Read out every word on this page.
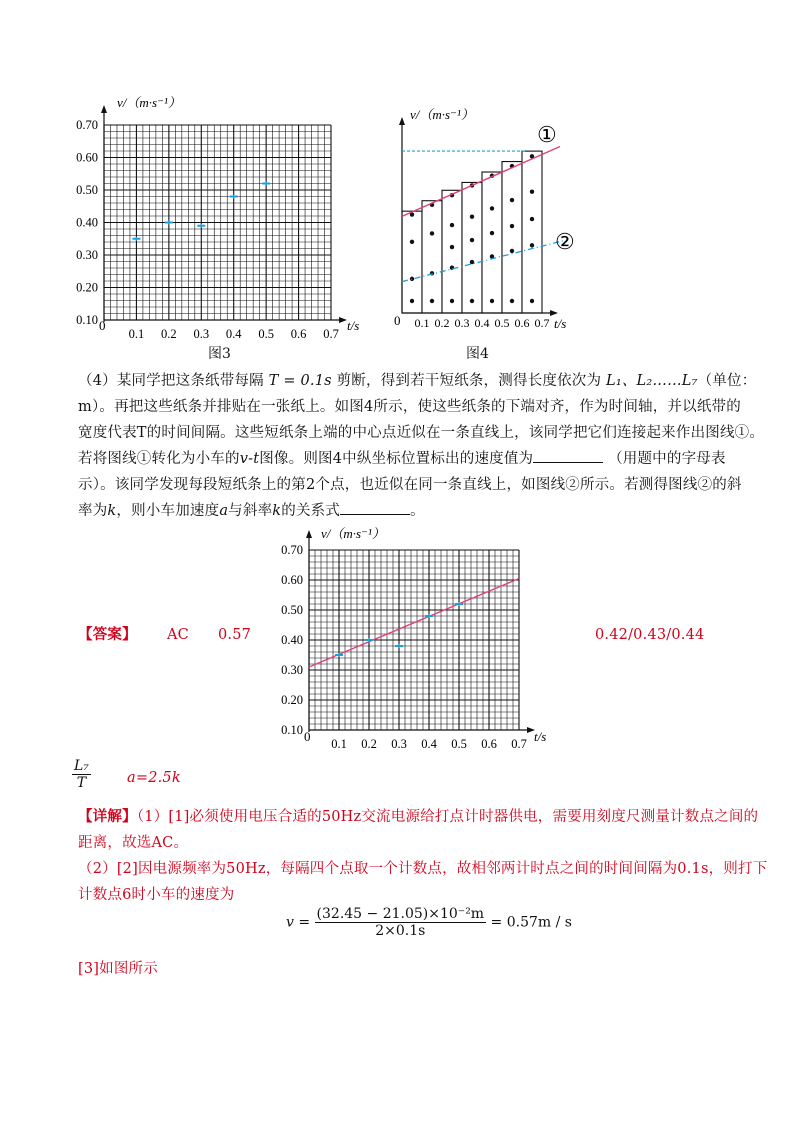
0.70
0.60
0.50
0.40
0.30
0.20
0.10
0.1 0.2 0.3 0.4 0.5 0.6 0.7
v/（m·s⁻¹）
t/s
0
图3
0.1 0.2 0.3 0.4 0.5 0.6 0.7
v/（m·s⁻¹）
t/s
0
①
②
图4
（4）某同学把这条纸带每隔 T = 0.1s 剪断，得到若干短纸条，测得长度依次为 L₁、L₂……L₇（单位：
m）。再把这些纸条并排贴在一张纸上。如图4所示，使这些纸条的下端对齐，作为时间轴，并以纸带的
宽度代表T的时间间隔。这些短纸条上端的中心点近似在一条直线上，该同学把它们连接起来作出图线①。
若将图线①转化为小车的v-t图像。则图4中纵坐标位置标出的速度值为	（用题中的字母表
示）。该同学发现每段短纸条上的第2个点，也近似在同一条直线上，如图线②所示。若测得图线②的斜
率为k，则小车加速度a与斜率k的关系式	。
【答案】 AC 0.57	0.42/0.43/0.44
0.70
0.60
0.50
0.40
0.30
0.20
0.10
0.1 0.2 0.3 0.4 0.5 0.6 0.7
v/（m·s⁻¹）
t/s
0
$\frac{\text{L₇}}{T} a=2.5k$
【详解】（1）[1]必须使用电压合适的50Hz交流电源给打点计时器供电，需要用刻度尺测量计数点之间的
距离，故选AC。
（2）[2]因电源频率为50Hz，每隔四个点取一个计数点，故相邻两计时点之间的时间间隔为0.1s，则打下
计数点6时小车的速度为
$v = \frac{\text{(32.45 − 21.05)×10⁻²m}}{2\times 0.1s} = 0.57m / s$
[3]如图所示
